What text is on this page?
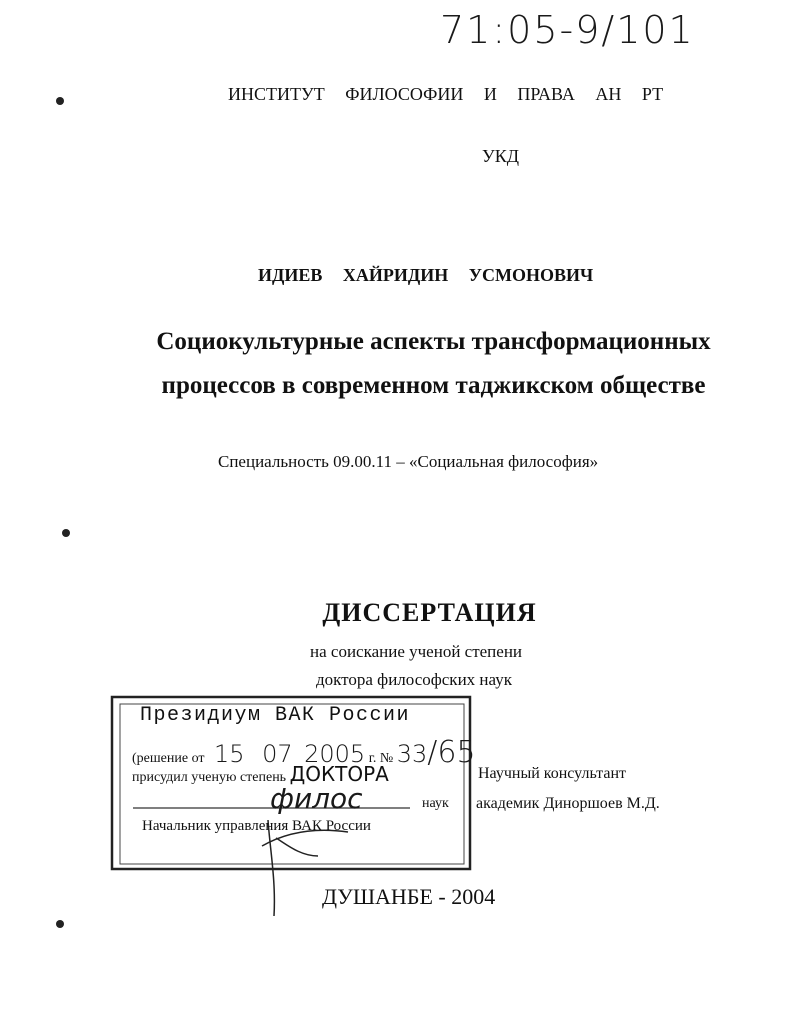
71:05-9/101
ИНСТИТУТ ФИЛОСОФИИ И ПРАВА АН РТ
УКД
ИДИЕВ ХАЙРИДИН УСМОНОВИЧ
Социокультурные аспекты трансформационных
процессов в современном таджикском обществе
Специальность 09.00.11 – «Социальная философия»
ДИССЕРТАЦИЯ
на соискание ученой степени
доктора философских наук
Президиум ВАК России
(решение от 15 07 2005 г. № 33/65
присудил ученую степень ДОКТОРА
филос	наук
Начальник управления ВАК России
Научный консультант
академик Диноршоев М.Д.
ДУШАНБЕ - 2004
